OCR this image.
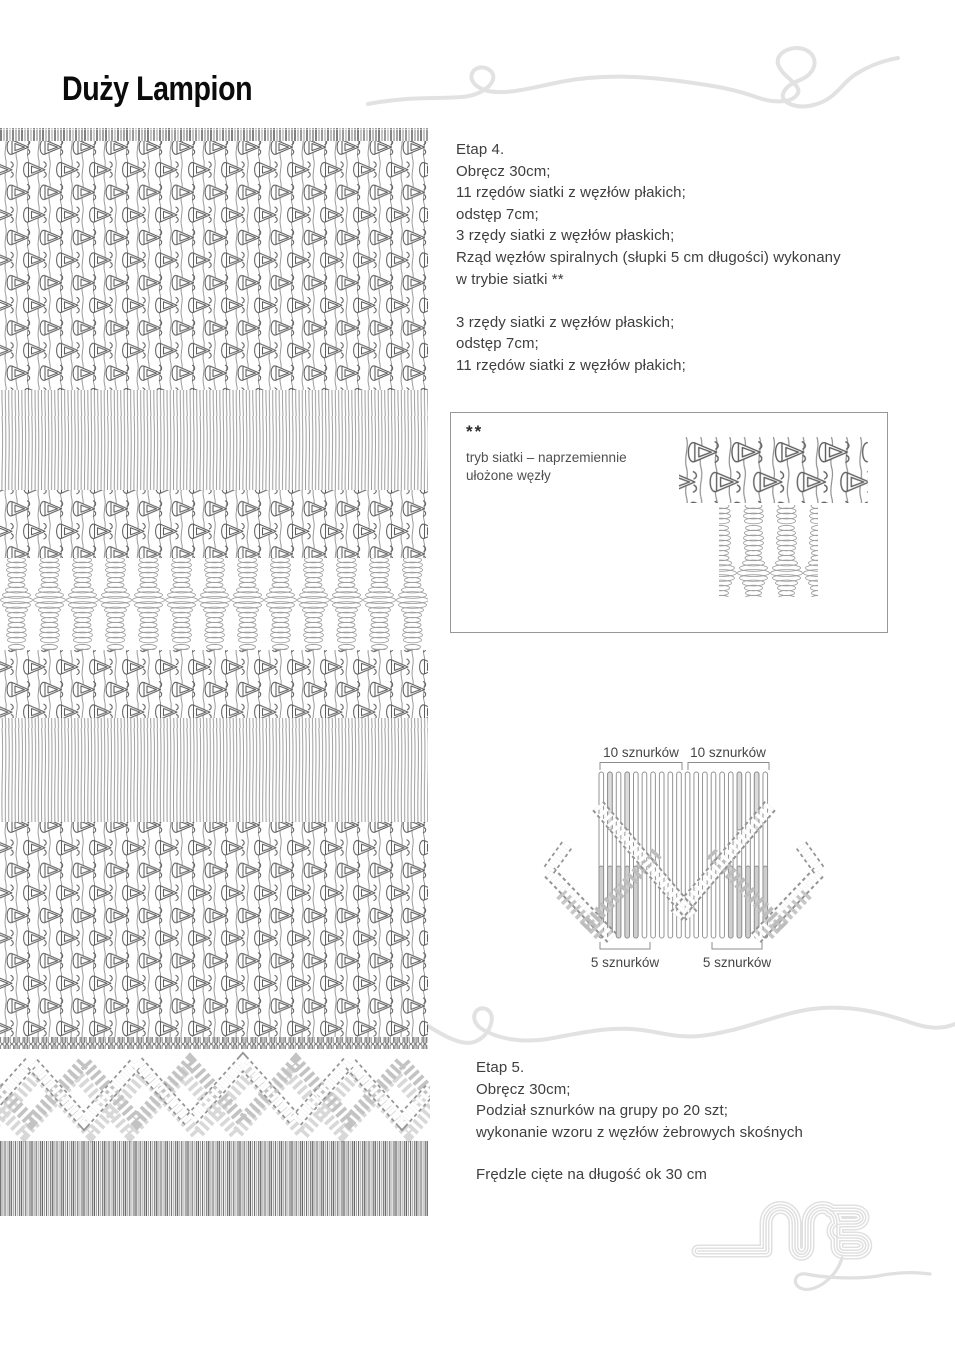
Duży Lampion
Etap 4.
Obręcz 30cm;
11 rzędów siatki z węzłów płakich;
odstęp 7cm;
3 rzędy siatki z węzłów płaskich;
Rząd węzłów spiralnych (słupki 5 cm długości) wykonany
w trybie siatki **
3 rzędy siatki z węzłów płaskich;
odstęp 7cm;
11 rzędów siatki z węzłów płakich;
**
tryb siatki – naprzemiennie
ułożone węzły
10 sznurków 10 sznurków
5 sznurków	5 sznurków
Etap 5.
Obręcz 30cm;
Podział sznurków na grupy po 20 szt;
wykonanie wzoru z węzłów żebrowych skośnych
Frędzle cięte na długość ok 30 cm
